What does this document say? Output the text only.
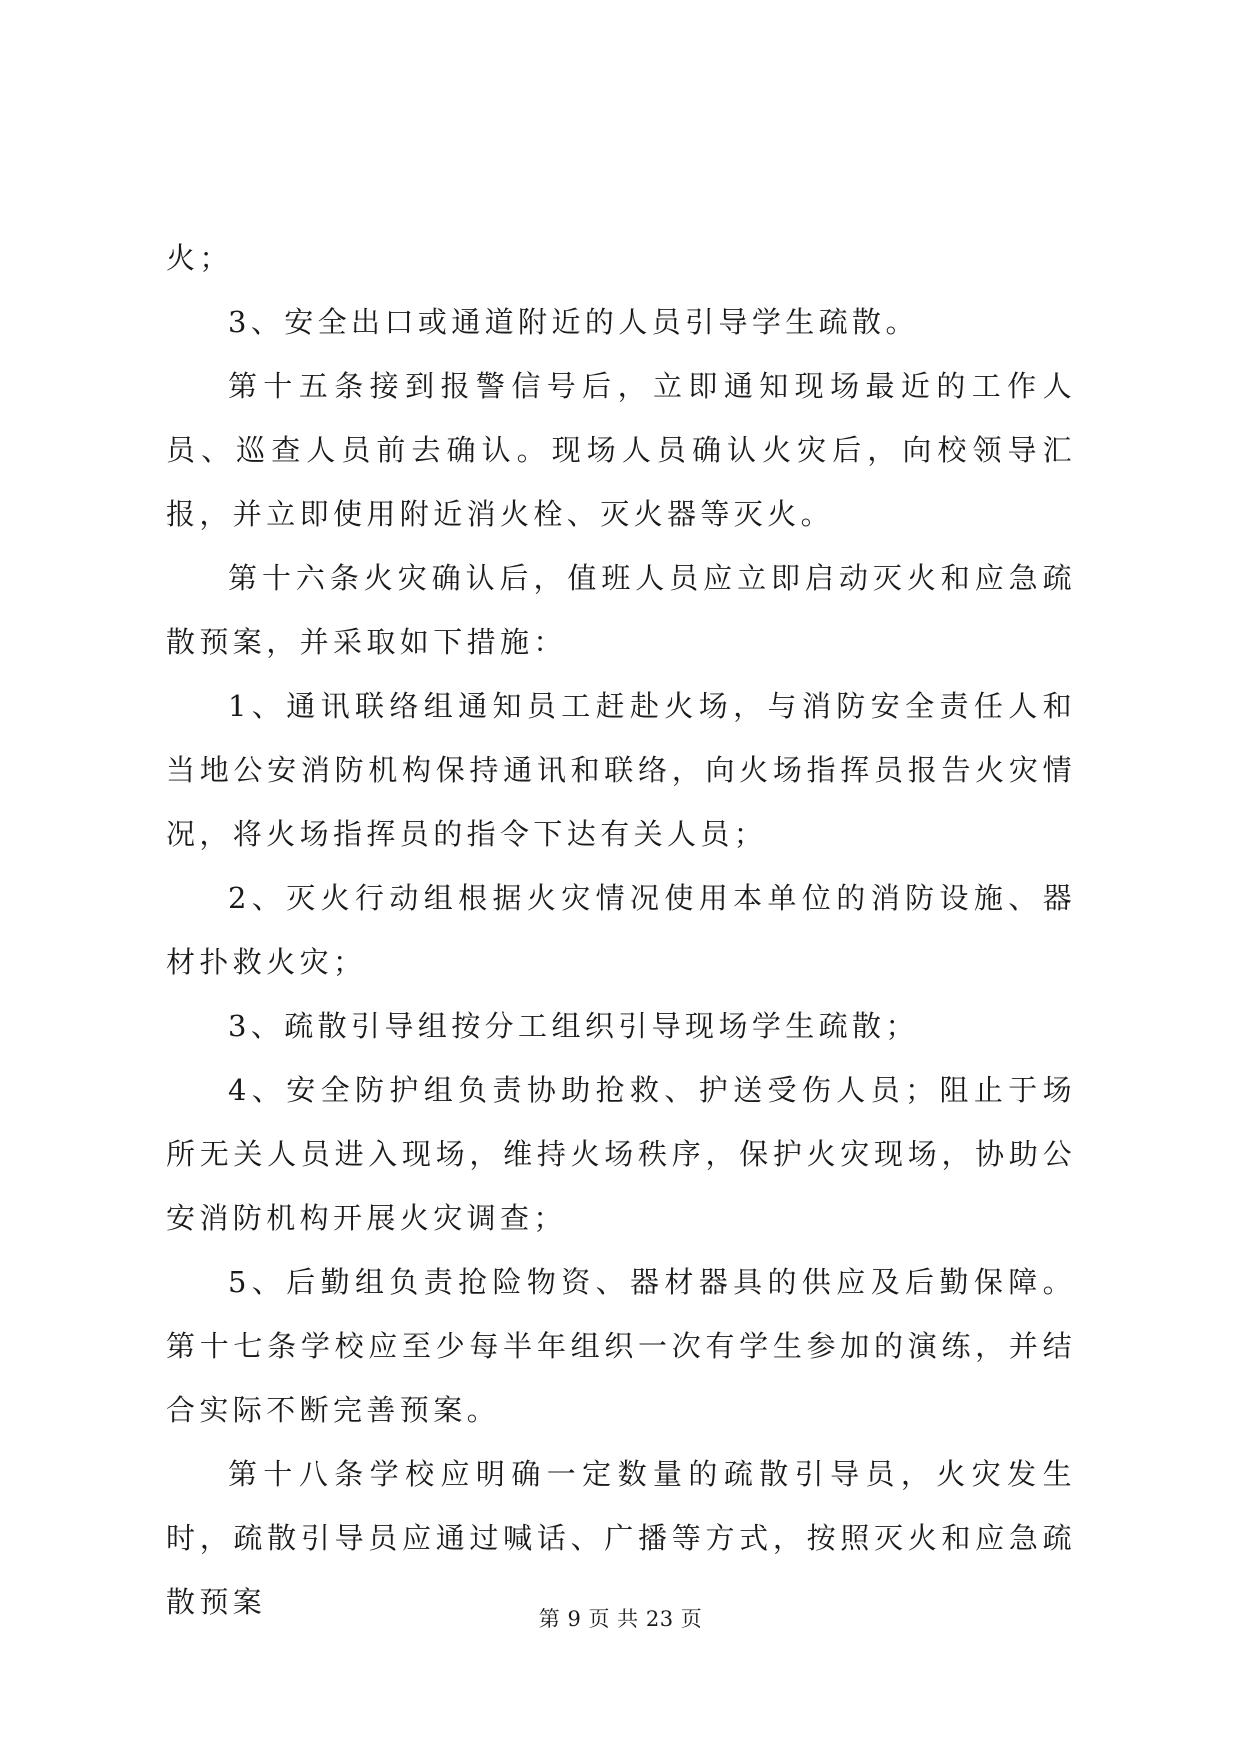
火；

3、安全出口或通道附近的人员引导学生疏散。

第十五条接到报警信号后，立即通知现场最近的工作人员、巡查人员前去确认。现场人员确认火灾后，向校领导汇报，并立即使用附近消火栓、灭火器等灭火。

第十六条火灾确认后，值班人员应立即启动灭火和应急疏散预案，并采取如下措施：

1、通讯联络组通知员工赶赴火场，与消防安全责任人和当地公安消防机构保持通讯和联络，向火场指挥员报告火灾情况，将火场指挥员的指令下达有关人员；

2、灭火行动组根据火灾情况使用本单位的消防设施、器材扑救火灾；

3、疏散引导组按分工组织引导现场学生疏散；

4、安全防护组负责协助抢救、护送受伤人员；阻止于场所无关人员进入现场，维持火场秩序，保护火灾现场，协助公安消防机构开展火灾调查；

5、后勤组负责抢险物资、器材器具的供应及后勤保障。第十七条学校应至少每半年组织一次有学生参加的演练，并结合实际不断完善预案。

第十八条学校应明确一定数量的疏散引导员，火灾发生时，疏散引导员应通过喊话、广播等方式，按照灭火和应急疏散预案	第 9 页 共 23 页
